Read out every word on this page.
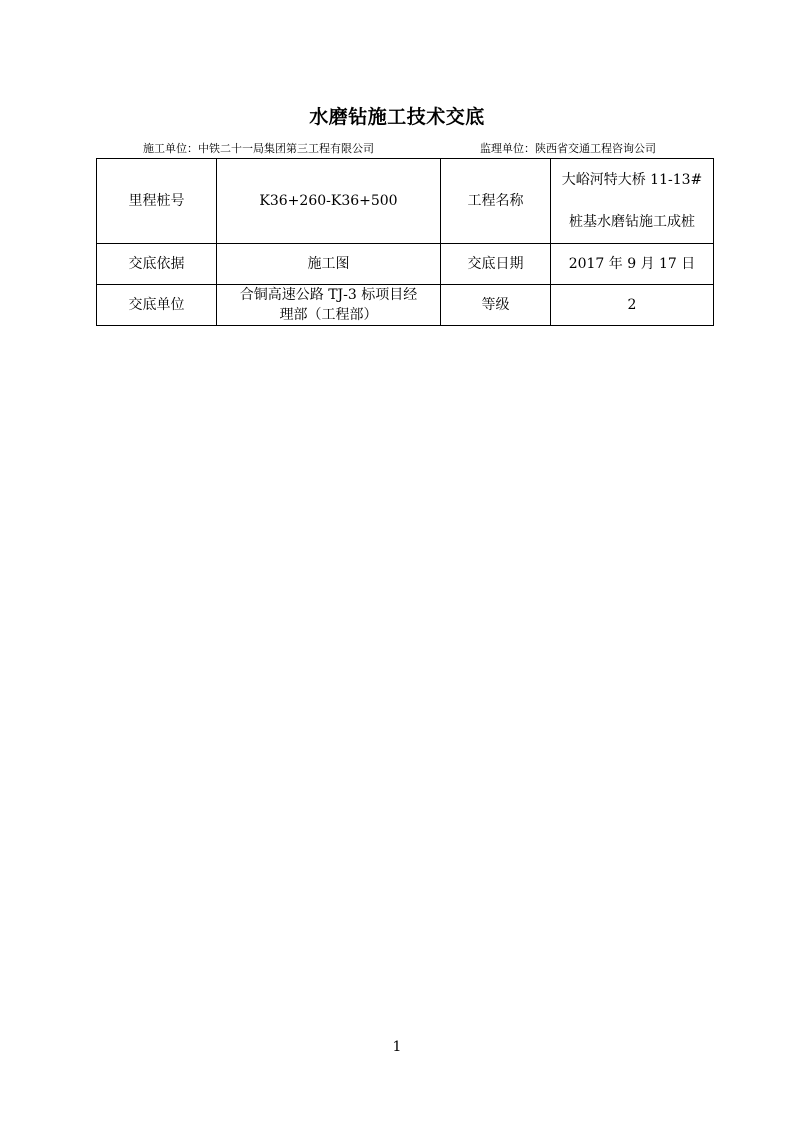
水磨钻施工技术交底
施工单位：中铁二十一局集团第三工程有限公司	监理单位：陕西省交通工程咨询公司
里程桩号	K36+260-K36+500	工程名称	大峪河特大桥 11-13#
桩基水磨钻施工成桩

交底依据	施工图	交底日期	2017 年 9 月 17 日
交底单位	合铜高速公路 TJ-3 标项目经
理部（工程部）	等级	2
1
